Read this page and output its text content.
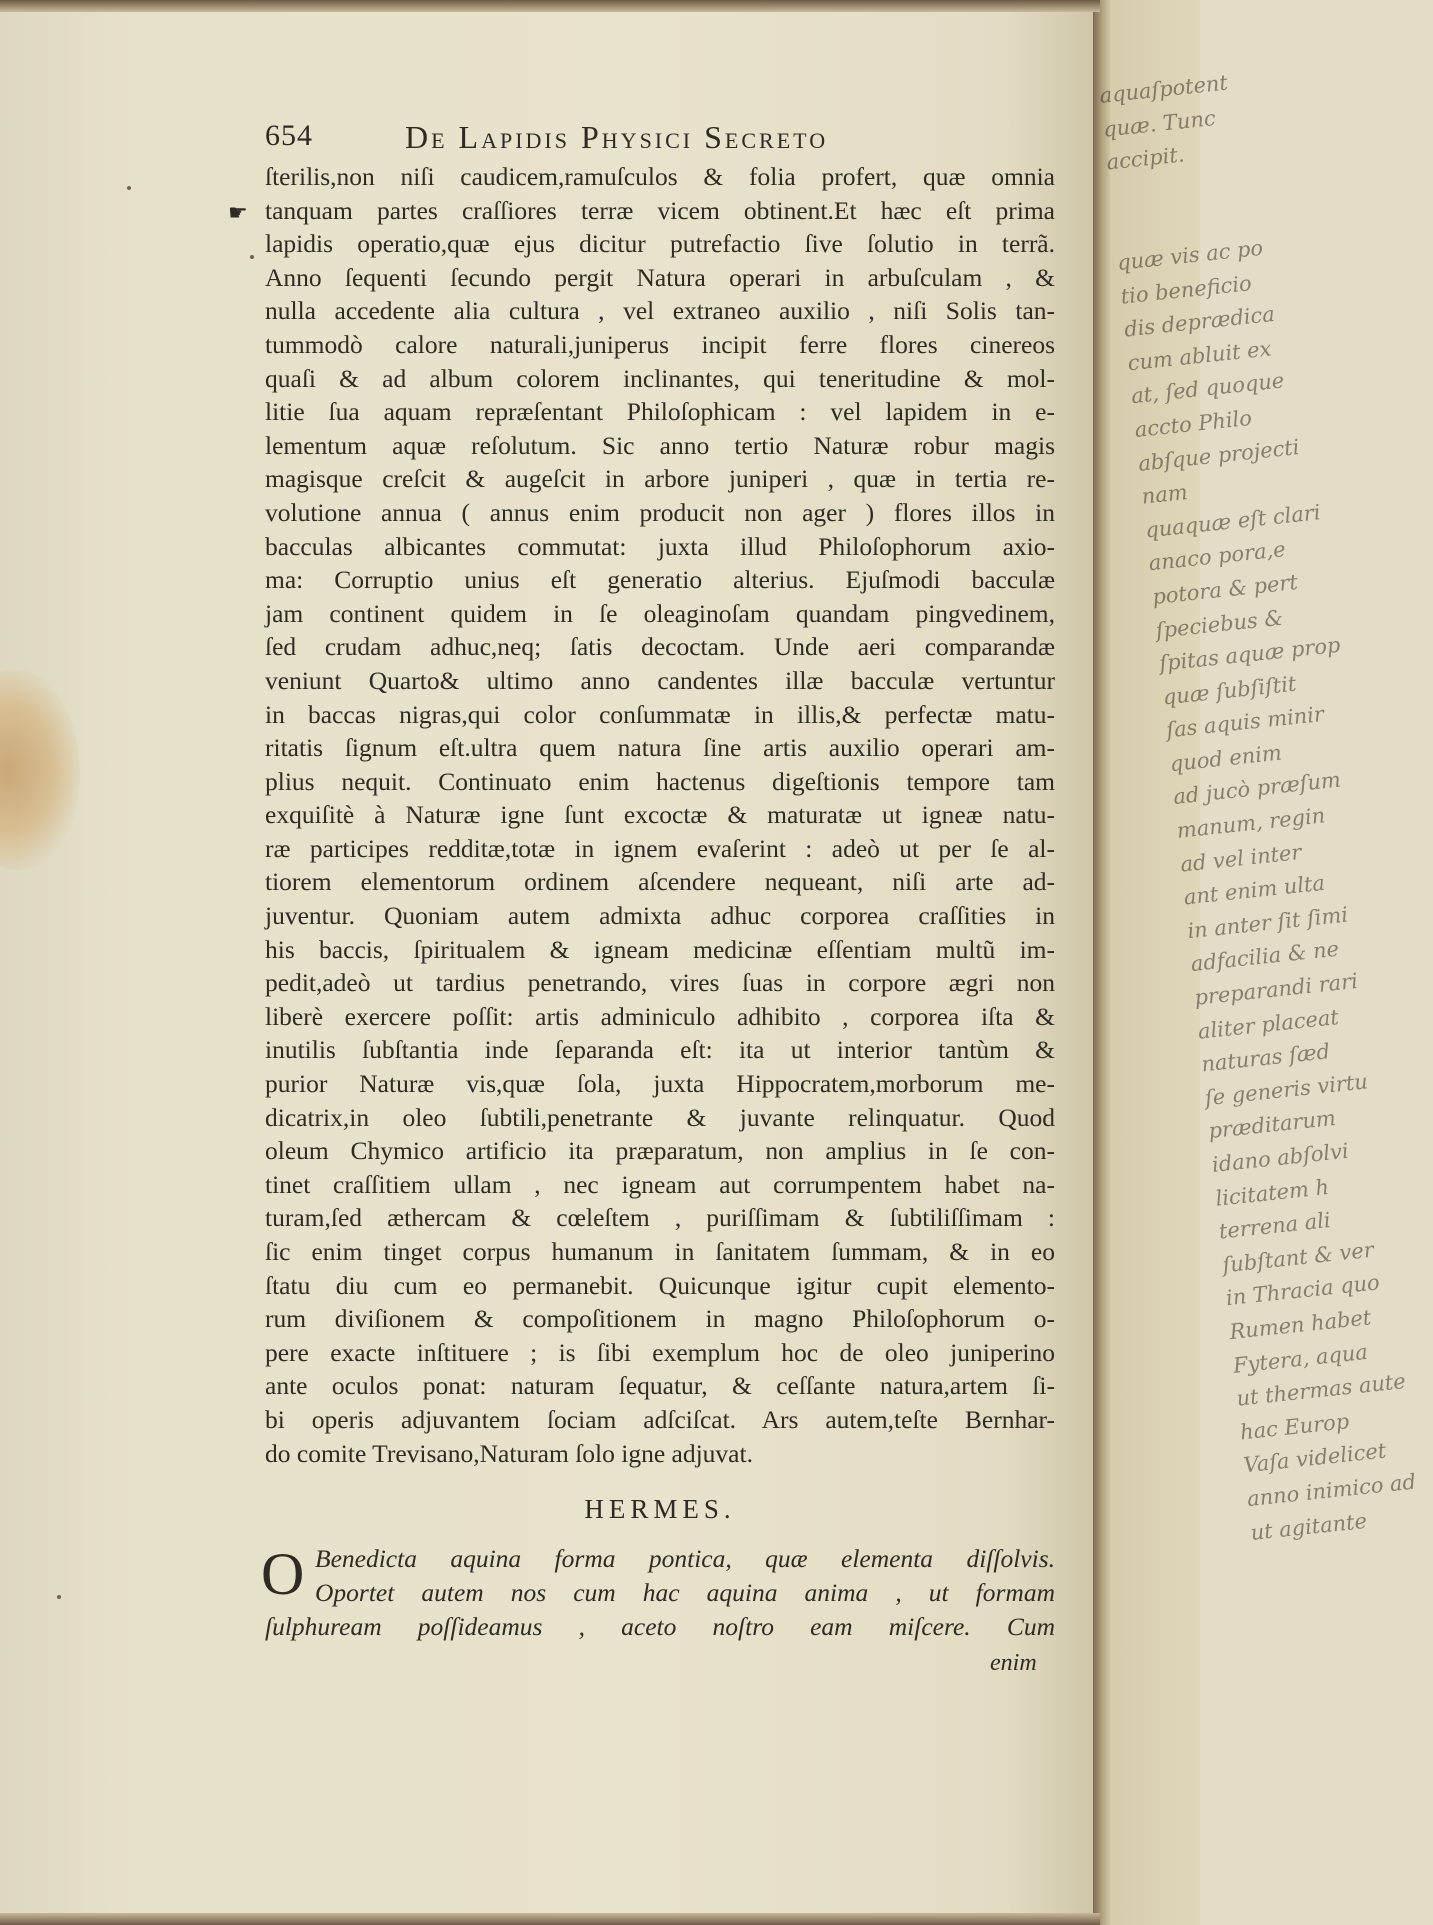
654	De Lapidis Physici Secreto
☛
ſterilis,non niſi caudicem,ramuſculos & folia profert, quæ omnia
tanquam partes craſſiores terræ vicem obtinent.Et hæc eſt prima
lapidis operatio,quæ ejus dicitur putrefactio ſive ſolutio in terrã.
Anno ſequenti ſecundo pergit Natura operari in arbuſculam , &
nulla accedente alia cultura , vel extraneo auxilio , niſi Solis tan-
tummodò calore naturali,juniperus incipit ferre flores cinereos
quaſi & ad album colorem inclinantes, qui teneritudine & mol-
litie ſua aquam repræſentant Philoſophicam : vel lapidem in e-
lementum aquæ reſolutum. Sic anno tertio Naturæ robur magis
magisque creſcit & augeſcit in arbore juniperi , quæ in tertia re-
volutione annua ( annus enim producit non ager ) flores illos in
bacculas albicantes commutat: juxta illud Philoſophorum axio-
ma: Corruptio unius eſt generatio alterius. Ejuſmodi bacculæ
jam continent quidem in ſe oleaginoſam quandam pingvedinem,
ſed crudam adhuc,neq; ſatis decoctam. Unde aeri comparandæ
veniunt Quarto& ultimo anno candentes illæ bacculæ vertuntur
in baccas nigras,qui color conſummatæ in illis,& perfectæ matu-
ritatis ſignum eſt.ultra quem natura ſine artis auxilio operari am-
plius nequit. Continuato enim hactenus digeſtionis tempore tam
exquiſitè à Naturæ igne ſunt excoctæ & maturatæ ut igneæ natu-
ræ participes redditæ,totæ in ignem evaſerint : adeò ut per ſe al-
tiorem elementorum ordinem aſcendere nequeant, niſi arte ad-
juventur. Quoniam autem admixta adhuc corporea craſſities in
his baccis, ſpiritualem & igneam medicinæ eſſentiam multũ im-
pedit,adeò ut tardius penetrando, vires ſuas in corpore ægri non
liberè exercere poſſit: artis adminiculo adhibito , corporea iſta &
inutilis ſubſtantia inde ſeparanda eſt: ita ut interior tantùm &
purior Naturæ vis,quæ ſola, juxta Hippocratem,morborum me-
dicatrix,in oleo ſubtili,penetrante & juvante relinquatur. Quod
oleum Chymico artificio ita præparatum, non amplius in ſe con-
tinet craſſitiem ullam , nec igneam aut corrumpentem habet na-
turam,ſed æthercam & cœleſtem , puriſſimam & ſubtiliſſimam :
ſic enim tinget corpus humanum in ſanitatem ſummam, & in eo
ſtatu diu cum eo permanebit. Quicunque igitur cupit elemento-
rum diviſionem & compoſitionem in magno Philoſophorum o-
pere exacte inſtituere ; is ſibi exemplum hoc de oleo juniperino
ante oculos ponat: naturam ſequatur, & ceſſante natura,artem ſi-
bi operis adjuvantem ſociam adſciſcat. Ars autem,teſte Bernhar-
do comite Trevisano,Naturam ſolo igne adjuvat.
HERMES.
O Benedicta aquina forma pontica, quæ elementa diſſolvis.
Oportet autem nos cum hac aquina anima , ut formam
ſulphuream poſſideamus , aceto noſtro eam miſcere. Cum
enim
aquaſpotent
quæ. Tunc
accipit.

quæ vis ac po
tio beneficio
dis deprædica
cum abluit ex
at, ſed quoque
accto Philo
abſque projecti
nam
quaquæ eſt clari
anaco pora,e
potora & pert
ſpeciebus &
ſpitas aquæ prop
quæ ſubſiſtit
ſas aquis minir
quod enim
ad jucò præſum
manum, regin
ad vel inter
ant enim ulta
in anter ſit ſimi
adfacilia & ne
preparandi rari
aliter placeat
naturas ſæd
ſe generis virtu
præditarum
idano abſolvi
licitatem h
terrena ali
ſubſtant & ver
in Thracia quo
Rumen habet
Fytera, aqua
ut thermas aute
hac Europ
Vaſa videlicet
anno inimico ad
ut agitante
